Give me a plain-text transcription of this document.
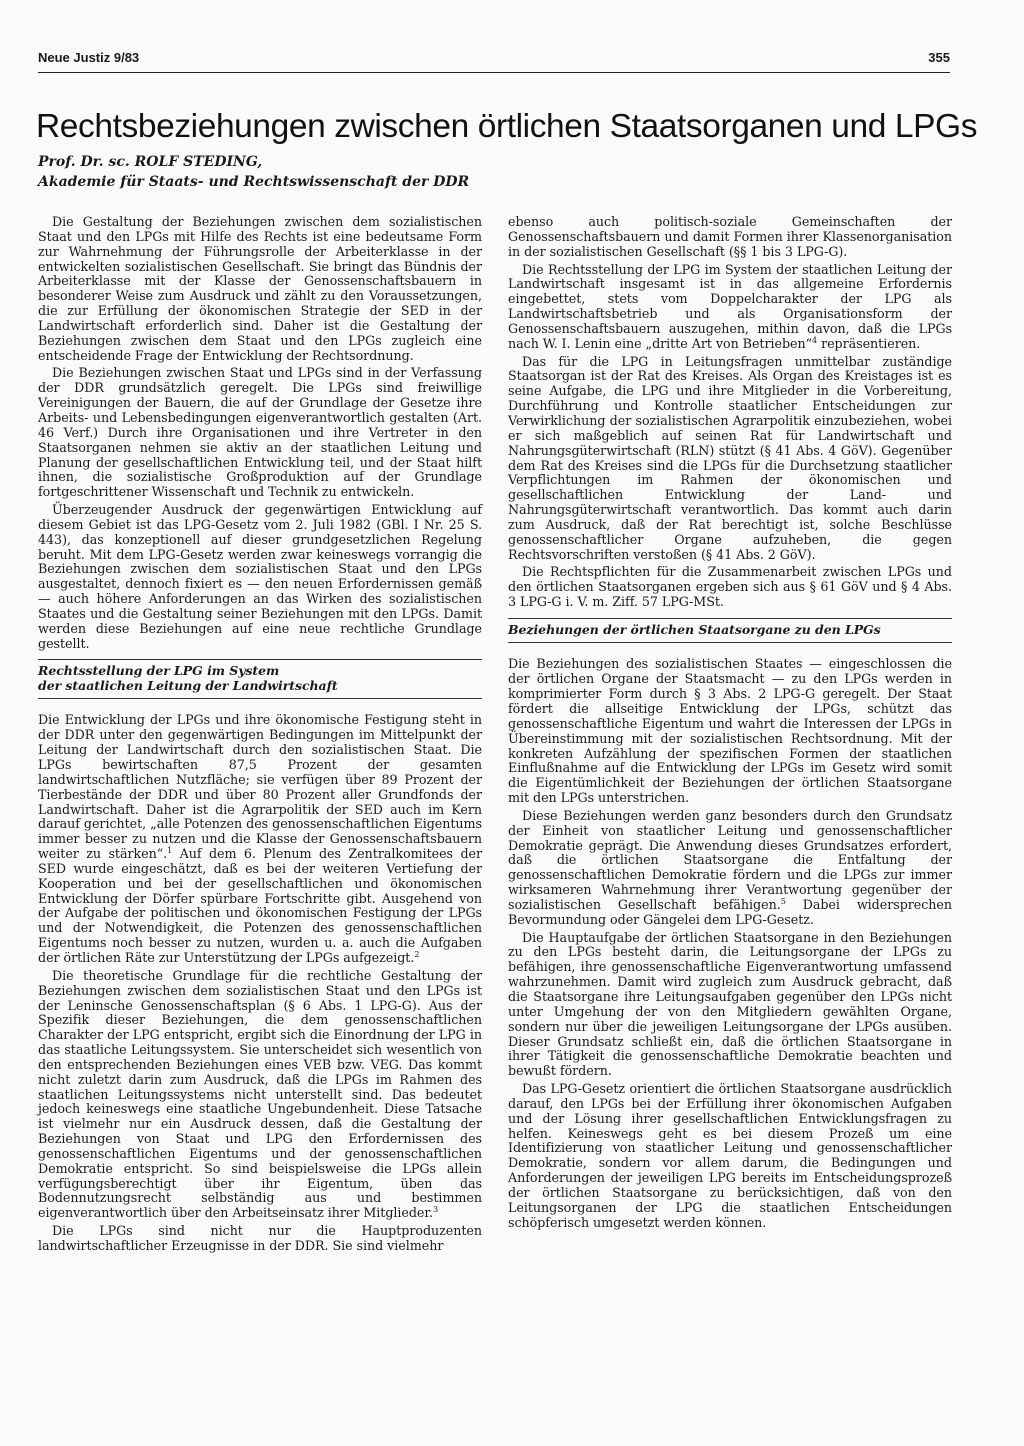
Neue Justiz 9/83	355
Rechtsbeziehungen zwischen örtlichen Staatsorganen und LPGs
Prof. Dr. sc. ROLF STEDING,
Akademie für Staats- und Rechtswissenschaft der DDR

Die Gestaltung der Beziehungen zwischen dem sozialistischen Staat und den LPGs mit Hilfe des Rechts ist eine bedeutsame Form zur Wahrnehmung der Führungsrolle der Arbeiterklasse in der entwickelten sozialistischen Gesellschaft. Sie bringt das Bündnis der Arbeiterklasse mit der Klasse der Genossenschaftsbauern in besonderer Weise zum Ausdruck und zählt zu den Voraussetzungen, die zur Erfüllung der ökonomischen Strategie der SED in der Landwirtschaft erforderlich sind. Daher ist die Gestaltung der Beziehungen zwischen dem Staat und den LPGs zugleich eine entscheidende Frage der Entwicklung der Rechtsordnung.

Die Beziehungen zwischen Staat und LPGs sind in der Verfassung der DDR grundsätzlich geregelt. Die LPGs sind freiwillige Vereinigungen der Bauern, die auf der Grundlage der Gesetze ihre Arbeits- und Lebensbedingungen eigenverantwortlich gestalten (Art. 46 Verf.) Durch ihre Organisationen und ihre Vertreter in den Staatsorganen nehmen sie aktiv an der staatlichen Leitung und Planung der gesellschaftlichen Entwicklung teil, und der Staat hilft ihnen, die sozialistische Großproduktion auf der Grundlage fortgeschrittener Wissenschaft und Technik zu entwickeln.

Überzeugender Ausdruck der gegenwärtigen Entwicklung auf diesem Gebiet ist das LPG-Gesetz vom 2. Juli 1982 (GBl. I Nr. 25 S. 443), das konzeptionell auf dieser grundgesetzlichen Regelung beruht. Mit dem LPG-Gesetz werden zwar keineswegs vorrangig die Beziehungen zwischen dem sozialistischen Staat und den LPGs ausgestaltet, dennoch fixiert es — den neuen Erfordernissen gemäß — auch höhere Anforderungen an das Wirken des sozialistischen Staates und die Gestaltung seiner Beziehungen mit den LPGs. Damit werden diese Beziehungen auf eine neue rechtliche Grundlage gestellt.

Rechtsstellung der LPG im System
der staatlichen Leitung der Landwirtschaft

Die Entwicklung der LPGs und ihre ökonomische Festigung steht in der DDR unter den gegenwärtigen Bedingungen im Mittelpunkt der Leitung der Landwirtschaft durch den sozialistischen Staat. Die LPGs bewirtschaften 87,5 Prozent der gesamten landwirtschaftlichen Nutzfläche; sie verfügen über 89 Prozent der Tierbestände der DDR und über 80 Prozent aller Grundfonds der Landwirtschaft. Daher ist die Agrarpolitik der SED auch im Kern darauf gerichtet, „alle Potenzen des genossenschaftlichen Eigentums immer besser zu nutzen und die Klasse der Genossenschaftsbauern weiter zu stärken“.$^1$ Auf dem 6. Plenum des Zentralkomitees der SED wurde eingeschätzt, daß es bei der weiteren Vertiefung der Kooperation und bei der gesellschaftlichen und ökonomischen Entwicklung der Dörfer spürbare Fortschritte gibt. Ausgehend von der Aufgabe der politischen und ökonomischen Festigung der LPGs und der Notwendigkeit, die Potenzen des genossenschaftlichen Eigentums noch besser zu nutzen, wurden u. a. auch die Aufgaben der örtlichen Räte zur Unterstützung der LPGs aufgezeigt.$^2$

Die theoretische Grundlage für die rechtliche Gestaltung der Beziehungen zwischen dem sozialistischen Staat und den LPGs ist der Leninsche Genossenschaftsplan (§ 6 Abs. 1 LPG-G). Aus der Spezifik dieser Beziehungen, die dem genossenschaftlichen Charakter der LPG entspricht, ergibt sich die Einordnung der LPG in das staatliche Leitungssystem. Sie unterscheidet sich wesentlich von den entsprechenden Beziehungen eines VEB bzw. VEG. Das kommt nicht zuletzt darin zum Ausdruck, daß die LPGs im Rahmen des staatlichen Leitungssystems nicht unterstellt sind. Das bedeutet jedoch keineswegs eine staatliche Ungebundenheit. Diese Tatsache ist vielmehr nur ein Ausdruck dessen, daß die Gestaltung der Beziehungen von Staat und LPG den Erfordernissen des genossenschaftlichen Eigentums und der genossenschaftlichen Demokratie entspricht. So sind beispielsweise die LPGs allein verfügungsberechtigt über ihr Eigentum, üben das Bodennutzungsrecht selbständig aus und bestimmen eigenverantwortlich über den Arbeitseinsatz ihrer Mitglieder.$^3$

Die LPGs sind nicht nur die Hauptproduzenten landwirtschaftlicher Erzeugnisse in der DDR. Sie sind vielmehr

ebenso auch politisch-soziale Gemeinschaften der Genossenschaftsbauern und damit Formen ihrer Klassenorganisation in der sozialistischen Gesellschaft (§§ 1 bis 3 LPG-G).

Die Rechtsstellung der LPG im System der staatlichen Leitung der Landwirtschaft insgesamt ist in das allgemeine Erfordernis eingebettet, stets vom Doppelcharakter der LPG als Landwirtschaftsbetrieb und als Organisationsform der Genossenschaftsbauern auszugehen, mithin davon, daß die LPGs nach W. I. Lenin eine „dritte Art von Betrieben“$^4$ repräsentieren.

Das für die LPG in Leitungsfragen unmittelbar zuständige Staatsorgan ist der Rat des Kreises. Als Organ des Kreistages ist es seine Aufgabe, die LPG und ihre Mitglieder in die Vorbereitung, Durchführung und Kontrolle staatlicher Entscheidungen zur Verwirklichung der sozialistischen Agrarpolitik einzubeziehen, wobei er sich maßgeblich auf seinen Rat für Landwirtschaft und Nahrungsgüterwirtschaft (RLN) stützt (§ 41 Abs. 4 GöV). Gegenüber dem Rat des Kreises sind die LPGs für die Durchsetzung staatlicher Verpflichtungen im Rahmen der ökonomischen und gesellschaftlichen Entwicklung der Land- und Nahrungsgüterwirtschaft verantwortlich. Das kommt auch darin zum Ausdruck, daß der Rat berechtigt ist, solche Beschlüsse genossenschaftlicher Organe aufzuheben, die gegen Rechtsvorschriften verstoßen (§ 41 Abs. 2 GöV).

Die Rechtspflichten für die Zusammenarbeit zwischen LPGs und den örtlichen Staatsorganen ergeben sich aus § 61 GöV und § 4 Abs. 3 LPG-G i. V. m. Ziff. 57 LPG-MSt.

Beziehungen der örtlichen Staatsorgane zu den LPGs

Die Beziehungen des sozialistischen Staates — eingeschlossen die der örtlichen Organe der Staatsmacht — zu den LPGs werden in komprimierter Form durch § 3 Abs. 2 LPG-G geregelt. Der Staat fördert die allseitige Entwicklung der LPGs, schützt das genossenschaftliche Eigentum und wahrt die Interessen der LPGs in Übereinstimmung mit der sozialistischen Rechtsordnung. Mit der konkreten Aufzählung der spezifischen Formen der staatlichen Einflußnahme auf die Entwicklung der LPGs im Gesetz wird somit die Eigentümlichkeit der Beziehungen der örtlichen Staatsorgane mit den LPGs unterstrichen.

Diese Beziehungen werden ganz besonders durch den Grundsatz der Einheit von staatlicher Leitung und genossenschaftlicher Demokratie geprägt. Die Anwendung dieses Grundsatzes erfordert, daß die örtlichen Staatsorgane die Entfaltung der genossenschaftlichen Demokratie fördern und die LPGs zur immer wirksameren Wahrnehmung ihrer Verantwortung gegenüber der sozialistischen Gesellschaft befähigen.$^5$ Dabei widersprechen Bevormundung oder Gängelei dem LPG-Gesetz.

Die Hauptaufgabe der örtlichen Staatsorgane in den Beziehungen zu den LPGs besteht darin, die Leitungsorgane der LPGs zu befähigen, ihre genossenschaftliche Eigenverantwortung umfassend wahrzunehmen. Damit wird zugleich zum Ausdruck gebracht, daß die Staatsorgane ihre Leitungsaufgaben gegenüber den LPGs nicht unter Umgehung der von den Mitgliedern gewählten Organe, sondern nur über die jeweiligen Leitungsorgane der LPGs ausüben. Dieser Grundsatz schließt ein, daß die örtlichen Staatsorgane in ihrer Tätigkeit die genossenschaftliche Demokratie beachten und bewußt fördern.

Das LPG-Gesetz orientiert die örtlichen Staatsorgane ausdrücklich darauf, den LPGs bei der Erfüllung ihrer ökonomischen Aufgaben und der Lösung ihrer gesellschaftlichen Entwicklungsfragen zu helfen. Keineswegs geht es bei diesem Prozeß um eine Identifizierung von staatlicher Leitung und genossenschaftlicher Demokratie, sondern vor allem darum, die Bedingungen und Anforderungen der jeweiligen LPG bereits im Entscheidungsprozeß der örtlichen Staatsorgane zu berücksichtigen, daß von den Leitungsorganen der LPG die staatlichen Entscheidungen schöpferisch umgesetzt werden können.
